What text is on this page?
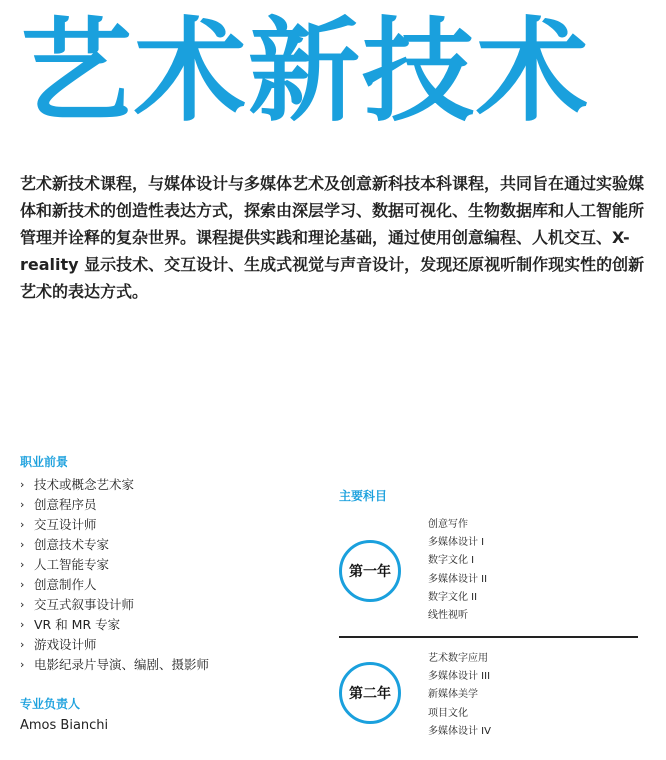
艺术新技术

艺术新技术课程，与媒体设计与多媒体艺术及创意新科技本科课程，共同旨在通过实验媒体和新技术的创造性表达方式，探索由深层学习、数据可视化、生物数据库和人工智能所管理并诠释的复杂世界。课程提供实践和理论基础，通过使用创意编程、人机交互、X-reality 显示技术、交互设计、生成式视觉与声音设计，发现还原视听制作现实性的创新艺术的表达方式。

职业前景

› 技术或概念艺术家
› 创意程序员
› 交互设计师
› 创意技术专家
› 人工智能专家
› 创意制作人
› 交互式叙事设计师
› VR 和 MR 专家
› 游戏设计师
› 电影纪录片导演、编剧、摄影师

专业负责人

Amos Bianchi

主要科目

第一年
创意写作
多媒体设计 I
数字文化 I
多媒体设计 II
数字文化 II
线性视听
第二年
艺术数字应用
多媒体设计 III
新媒体美学
项目文化
多媒体设计 IV
